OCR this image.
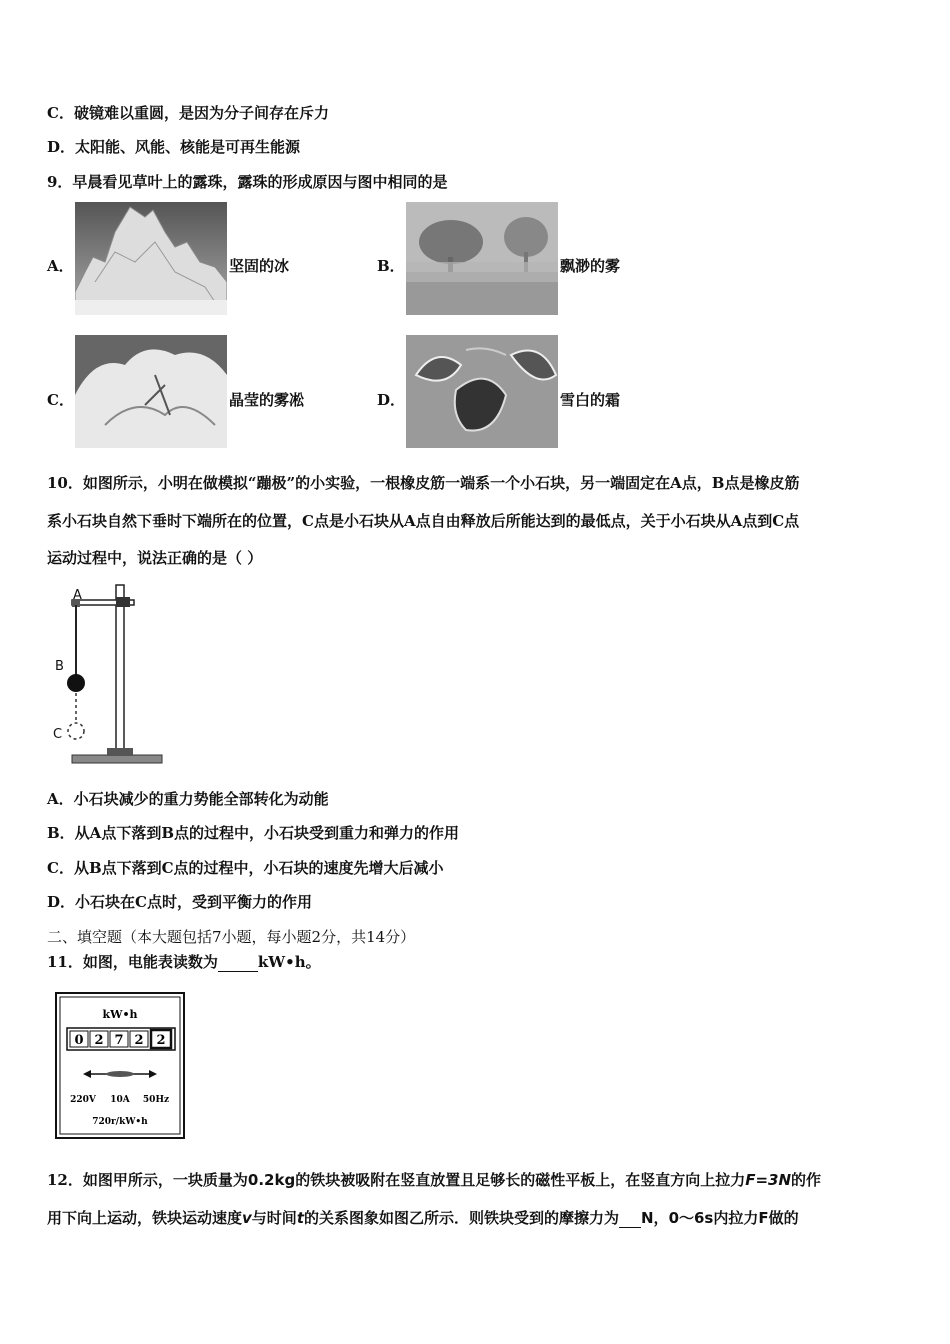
C．破镜难以重圆，是因为分子间存在斥力
D．太阳能、风能、核能是可再生能源
9．早晨看见草叶上的露珠，露珠的形成原因与图中相同的是
A．	坚固的冰	B．	飘渺的雾
C．	晶莹的雾凇	D．	雪白的霜
10．如图所示，小明在做模拟“蹦极”的小实验，一根橡皮筋一端系一个小石块，另一端固定在A点，B点是橡皮筋
系小石块自然下垂时下端所在的位置，C点是小石块从A点自由释放后所能达到的最低点，关于小石块从A点到C点
运动过程中，说法正确的是（ ）
A
B
C
A．小石块减少的重力势能全部转化为动能
B．从A点下落到B点的过程中，小石块受到重力和弹力的作用
C．从B点下落到C点的过程中，小石块的速度先增大后减小
D．小石块在C点时，受到平衡力的作用
二、填空题（本大题包括7小题，每小题2分，共14分）
11．如图，电能表读数为	kW•h。
kW•h
0 2 7 2 2
220V 10A 50Hz
720r/kW•h
12．如图甲所示，一块质量为0.2kg的铁块被吸附在竖直放置且足够长的磁性平板上，在竖直方向上拉力F=3N的作
用下向上运动，铁块运动速度v与时间t的关系图象如图乙所示．则铁块受到的摩擦力为 N，0～6s内拉力F做的
